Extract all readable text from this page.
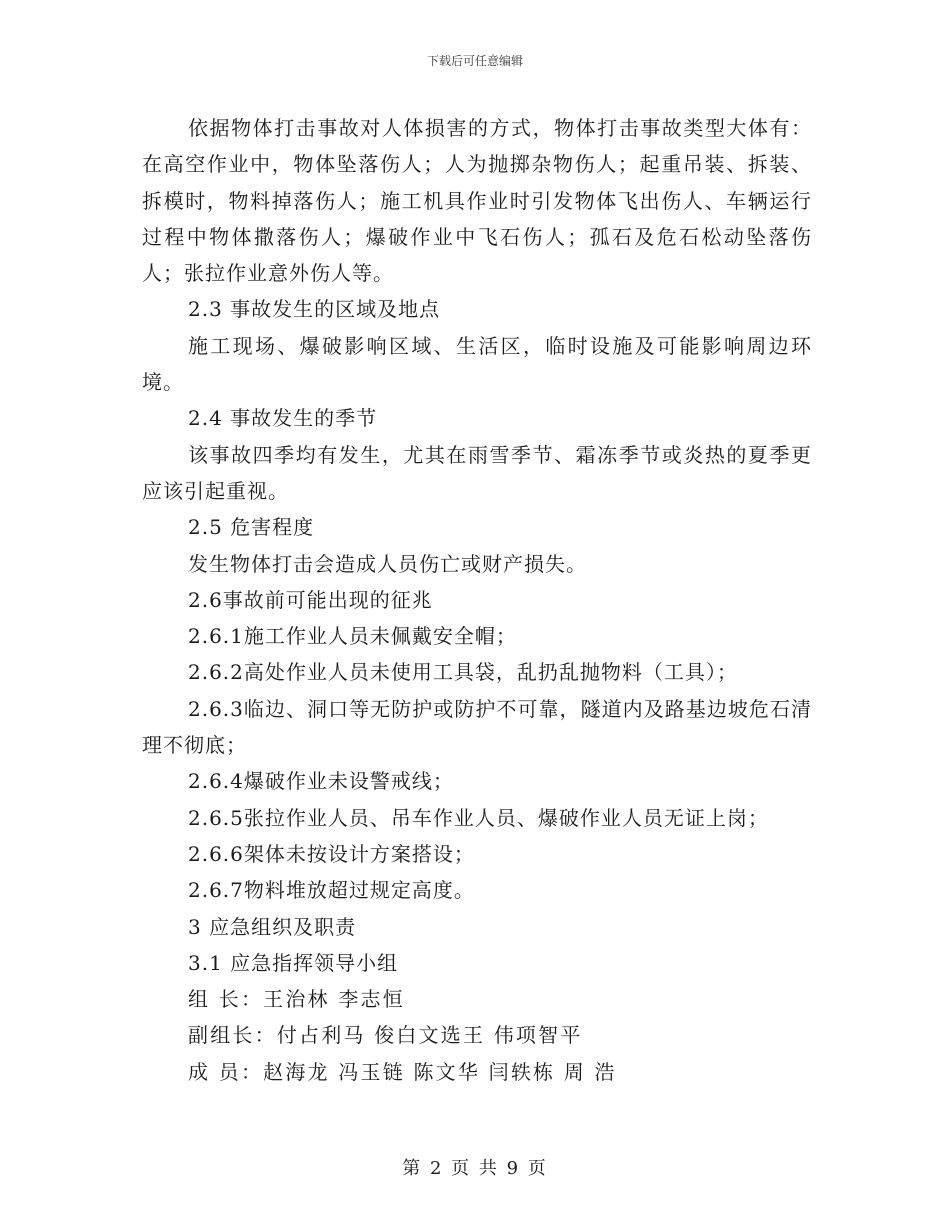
下载后可任意编辑

依据物体打击事故对人体损害的方式，物体打击事故类型大体有：在高空作业中，物体坠落伤人；人为抛掷杂物伤人；起重吊装、拆装、拆模时，物料掉落伤人；施工机具作业时引发物体飞出伤人、车辆运行过程中物体撒落伤人；爆破作业中飞石伤人；孤石及危石松动坠落伤人；张拉作业意外伤人等。

2.3 事故发生的区域及地点

施工现场、爆破影响区域、生活区，临时设施及可能影响周边环境。

2.4 事故发生的季节

该事故四季均有发生，尤其在雨雪季节、霜冻季节或炎热的夏季更应该引起重视。

2.5 危害程度

发生物体打击会造成人员伤亡或财产损失。

2.6事故前可能出现的征兆

2.6.1施工作业人员未佩戴安全帽；

2.6.2高处作业人员未使用工具袋，乱扔乱抛物料（工具）；

2.6.3临边、洞口等无防护或防护不可靠，隧道内及路基边坡危石清理不彻底；

2.6.4爆破作业未设警戒线；

2.6.5张拉作业人员、吊车作业人员、爆破作业人员无证上岗；

2.6.6架体未按设计方案搭设；

2.6.7物料堆放超过规定高度。

3 应急组织及职责

3.1 应急指挥领导小组

组 长：王治林 李志恒

副组长：付占利马 俊白文选王 伟项智平

成 员：赵海龙 冯玉链 陈文华 闫轶栋 周 浩

第 2 页 共 9 页
